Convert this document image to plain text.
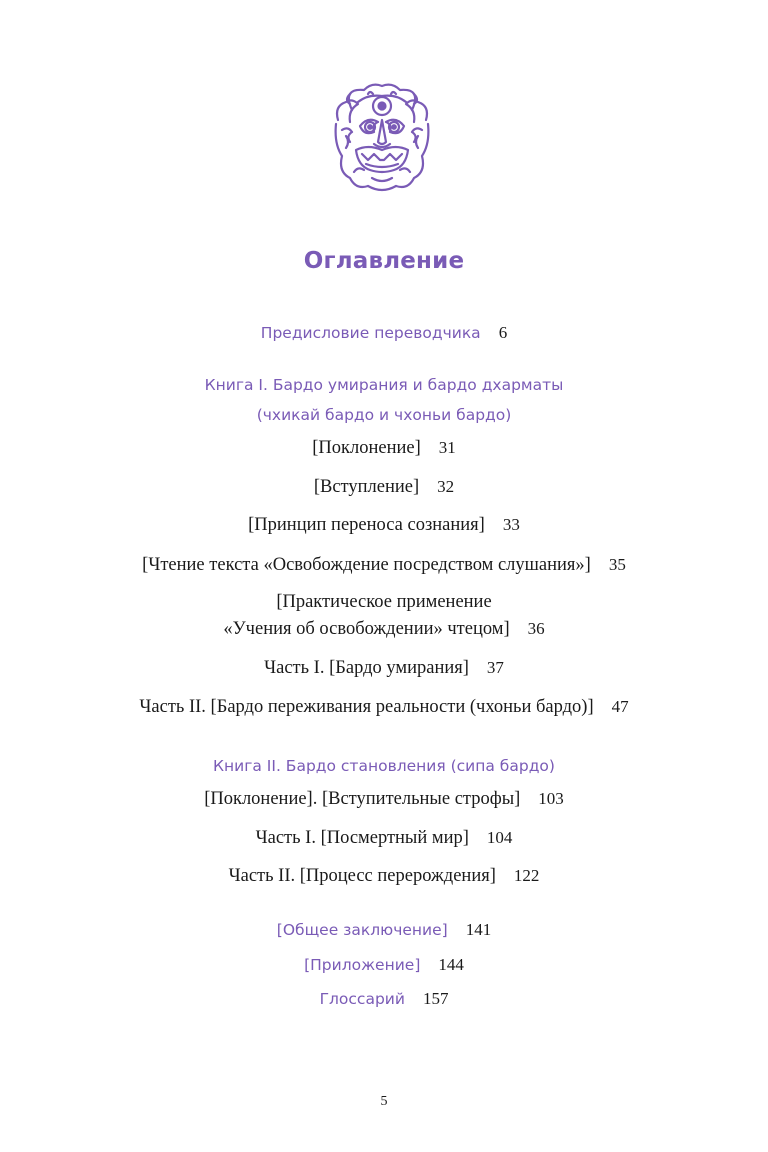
Оглавление
Предисловие переводчика 6
Книга I. Бардо умирания и бардо дхарматы
(чхикай бардо и чхоньи бардо)
[Поклонение] 31
[Вступление] 32
[Принцип переноса сознания] 33
[Чтение текста «Освобождение посредством слушания»] 35
[Практическое применение
«Учения об освобождении» чтецом] 36
Часть I. [Бардо умирания] 37
Часть II. [Бардо переживания реальности (чхоньи бардо)] 47
Книга II. Бардо становления (сипа бардо)
[Поклонение]. [Вступительные строфы] 103
Часть I. [Посмертный мир] 104
Часть II. [Процесс перерождения] 122
[Общее заключение] 141
[Приложение] 144
Глоссарий 157
5
